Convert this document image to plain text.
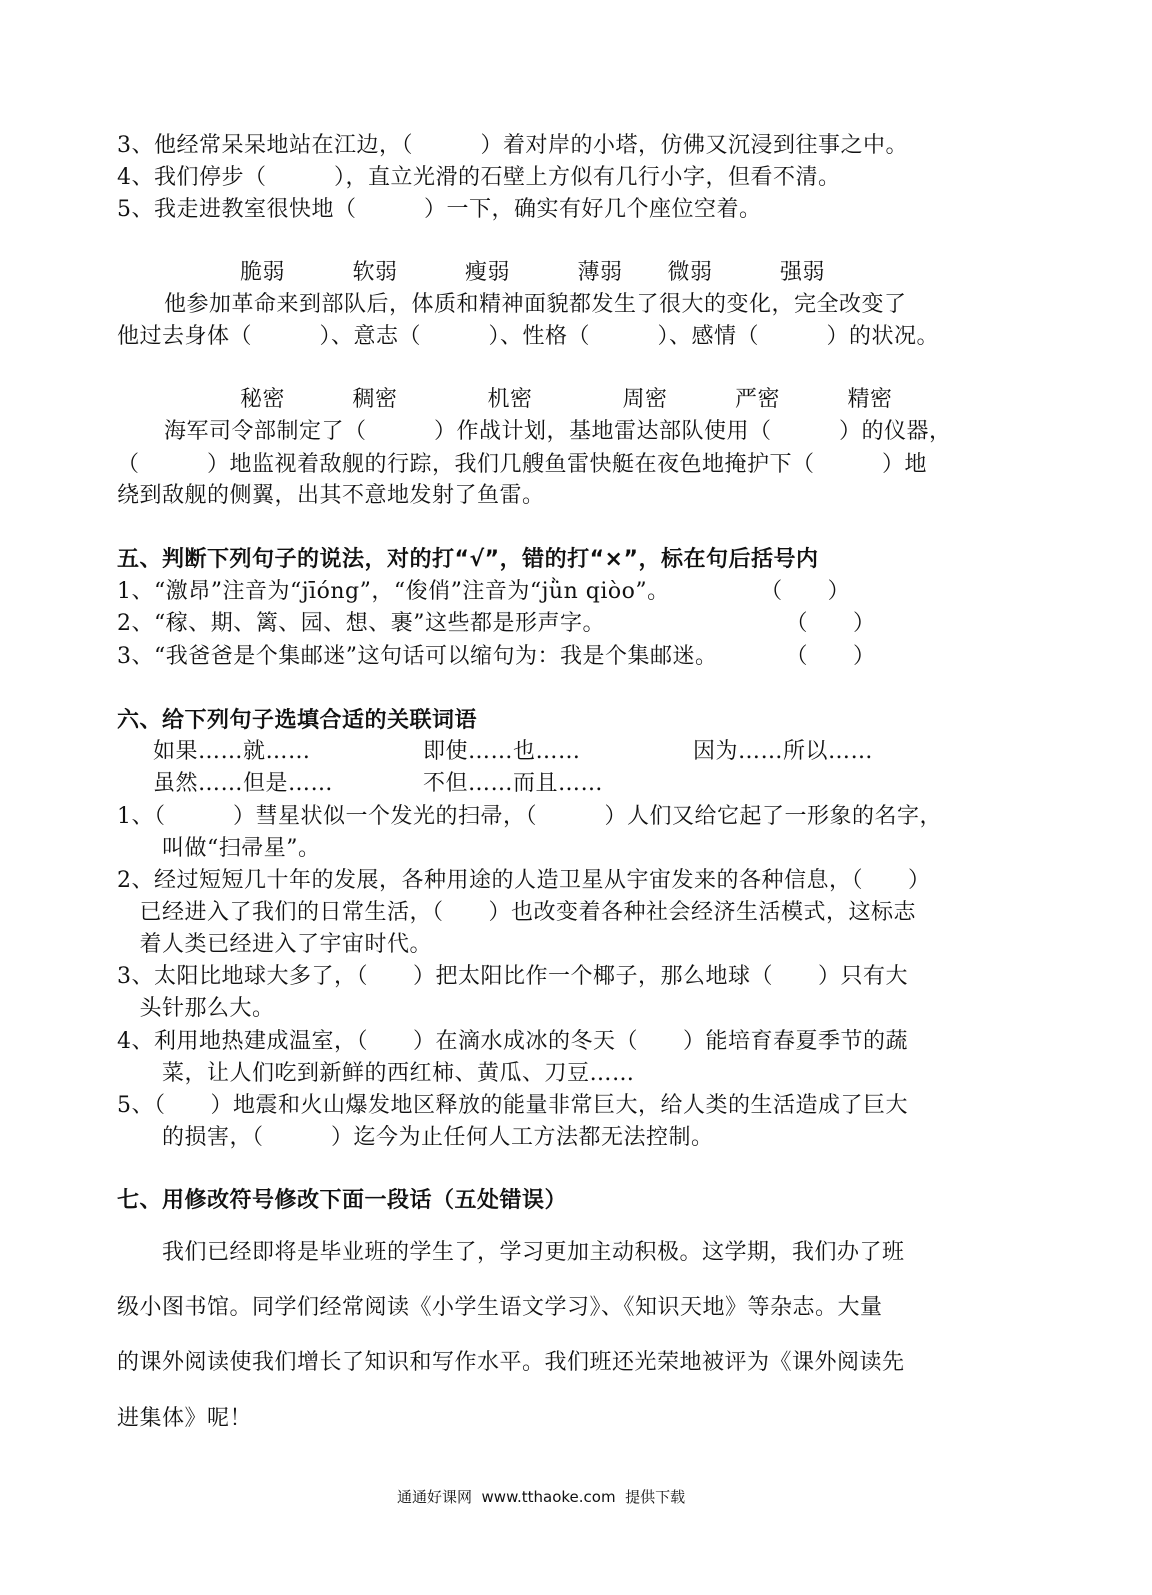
3、他经常呆呆地站在江边，（　　　）着对岸的小塔，仿佛又沉浸到往事之中。
4、我们停步（　　　），直立光滑的石壁上方似有几行小字，但看不清。
5、我走进教室很快地（　　　）一下，确实有好几个座位空着。
脆弱　　　软弱　　　瘦弱　　　薄弱　　微弱　　　强弱
他参加革命来到部队后，体质和精神面貌都发生了很大的变化，完全改变了
他过去身体（　　　）、意志（　　　）、性格（　　　）、感情（　　　）的状况。
秘密　　　稠密　　　　机密　　　　周密　　　严密　　　精密
海军司令部制定了（　　　）作战计划，基地雷达部队使用（　　　）的仪器，
（　　　）地监视着敌舰的行踪，我们几艘鱼雷快艇在夜色地掩护下（　　　）地
绕到敌舰的侧翼，出其不意地发射了鱼雷。
五、判断下列句子的说法，对的打“√”，错的打“×”，标在句后括号内
1、“激昂”注音为“jīóng”，“俊俏”注音为“jǜn qiòo”。　　　　　（　　）
2、“稼、期、篱、园、想、裹”这些都是形声字。　　　　　　　　　（　　）
3、“我爸爸是个集邮迷”这句话可以缩句为：我是个集邮迷。　　　　（　　）
六、给下列句子选填合适的关联词语
如果……就……　　　　　即使……也……　　　　　因为……所以……
虽然……但是……　　　　不但……而且……
1、（　　　）彗星状似一个发光的扫帚，（　　　）人们又给它起了一形象的名字，
　　叫做“扫帚星”。
2、经过短短几十年的发展，各种用途的人造卫星从宇宙发来的各种信息，（　　）
　已经进入了我们的日常生活，（　　）也改变着各种社会经济生活模式，这标志
　着人类已经进入了宇宙时代。
3、太阳比地球大多了，（　　）把太阳比作一个椰子，那么地球（　　）只有大
　头针那么大。
4、利用地热建成温室，（　　）在滴水成冰的冬天（　　）能培育春夏季节的蔬
　　菜，让人们吃到新鲜的西红柿、黄瓜、刀豆……
5、（　　）地震和火山爆发地区释放的能量非常巨大，给人类的生活造成了巨大
　　的损害，（　　　）迄今为止任何人工方法都无法控制。
七、用修改符号修改下面一段话（五处错误）
　　我们已经即将是毕业班的学生了，学习更加主动积极。这学期，我们办了班
级小图书馆。同学们经常阅读《小学生语文学习》、《知识天地》等杂志。大量
的课外阅读使我们增长了知识和写作水平。我们班还光荣地被评为《课外阅读先
进集体》呢！
通通好课网  www.tthaoke.com  提供下载
